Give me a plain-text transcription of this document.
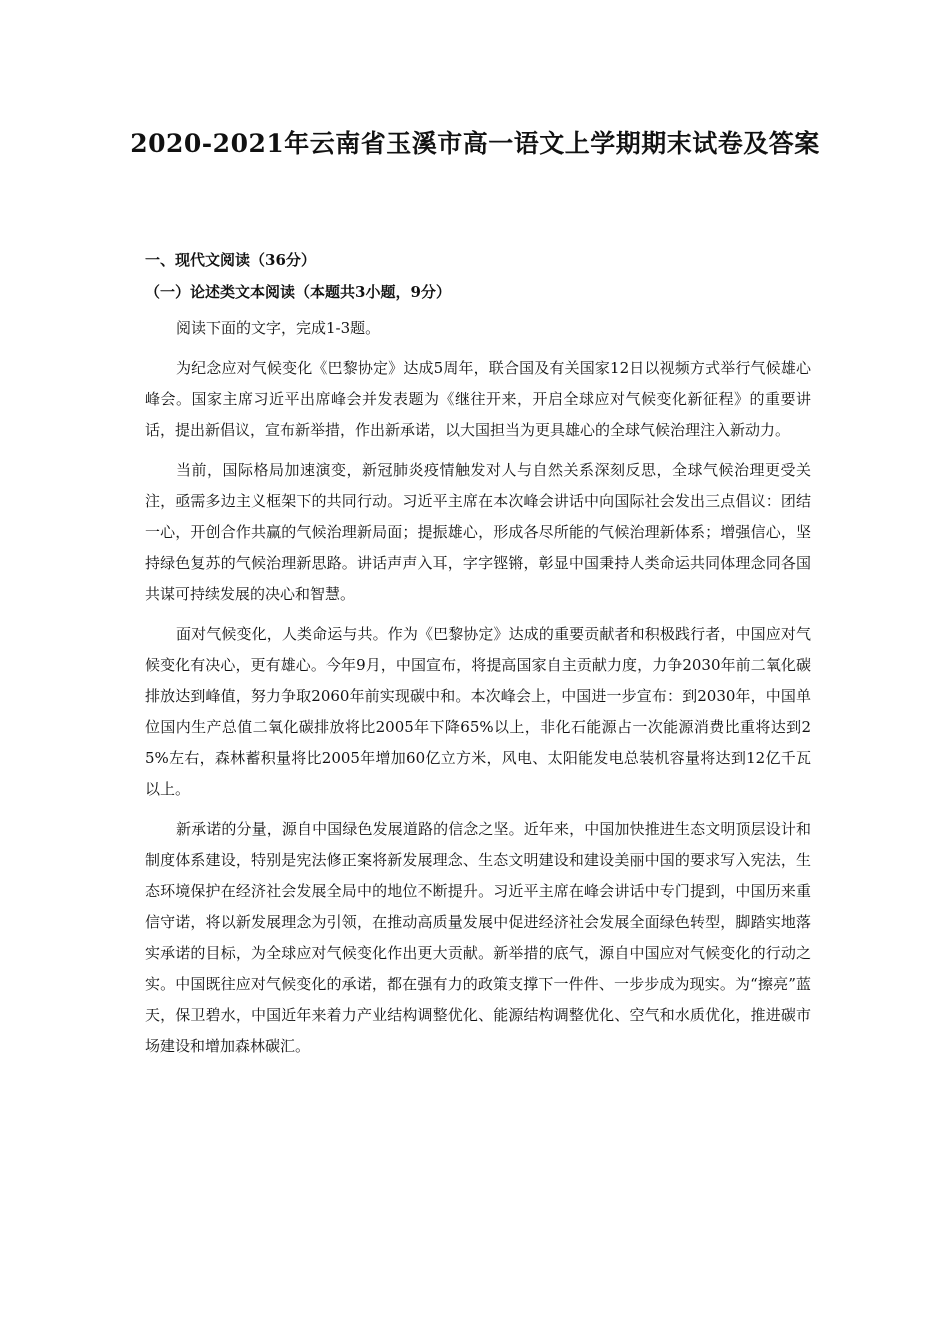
2020-2021年云南省玉溪市高一语文上学期期末试卷及答案
一、现代文阅读（36分）
（一）论述类文本阅读（本题共3小题，9分）

阅读下面的文字，完成1-3题。

为纪念应对气候变化《巴黎协定》达成5周年，联合国及有关国家12日以视频方式举行气候雄心峰会。国家主席习近平出席峰会并发表题为《继往开来，开启全球应对气候变化新征程》的重要讲话，提出新倡议，宣布新举措，作出新承诺，以大国担当为更具雄心的全球气候治理注入新动力。

当前，国际格局加速演变，新冠肺炎疫情触发对人与自然关系深刻反思，全球气候治理更受关注，亟需多边主义框架下的共同行动。习近平主席在本次峰会讲话中向国际社会发出三点倡议：团结一心，开创合作共赢的气候治理新局面；提振雄心，形成各尽所能的气候治理新体系；增强信心，坚持绿色复苏的气候治理新思路。讲话声声入耳，字字铿锵，彰显中国秉持人类命运共同体理念同各国共谋可持续发展的决心和智慧。

面对气候变化，人类命运与共。作为《巴黎协定》达成的重要贡献者和积极践行者，中国应对气候变化有决心，更有雄心。今年9月，中国宣布，将提高国家自主贡献力度，力争2030年前二氧化碳排放达到峰值，努力争取2060年前实现碳中和。本次峰会上，中国进一步宣布：到2030年，中国单位国内生产总值二氧化碳排放将比2005年下降65%以上，非化石能源占一次能源消费比重将达到25%左右，森林蓄积量将比2005年增加60亿立方米，风电、太阳能发电总装机容量将达到12亿千瓦以上。

新承诺的分量，源自中国绿色发展道路的信念之坚。近年来，中国加快推进生态文明顶层设计和制度体系建设，特别是宪法修正案将新发展理念、生态文明建设和建设美丽中国的要求写入宪法，生态环境保护在经济社会发展全局中的地位不断提升。习近平主席在峰会讲话中专门提到，中国历来重信守诺，将以新发展理念为引领，在推动高质量发展中促进经济社会发展全面绿色转型，脚踏实地落实承诺的目标，为全球应对气候变化作出更大贡献。新举措的底气，源自中国应对气候变化的行动之实。中国既往应对气候变化的承诺，都在强有力的政策支撑下一件件、一步步成为现实。为“擦亮”蓝天，保卫碧水，中国近年来着力产业结构调整优化、能源结构调整优化、空气和水质优化，推进碳市场建设和增加森林碳汇。
